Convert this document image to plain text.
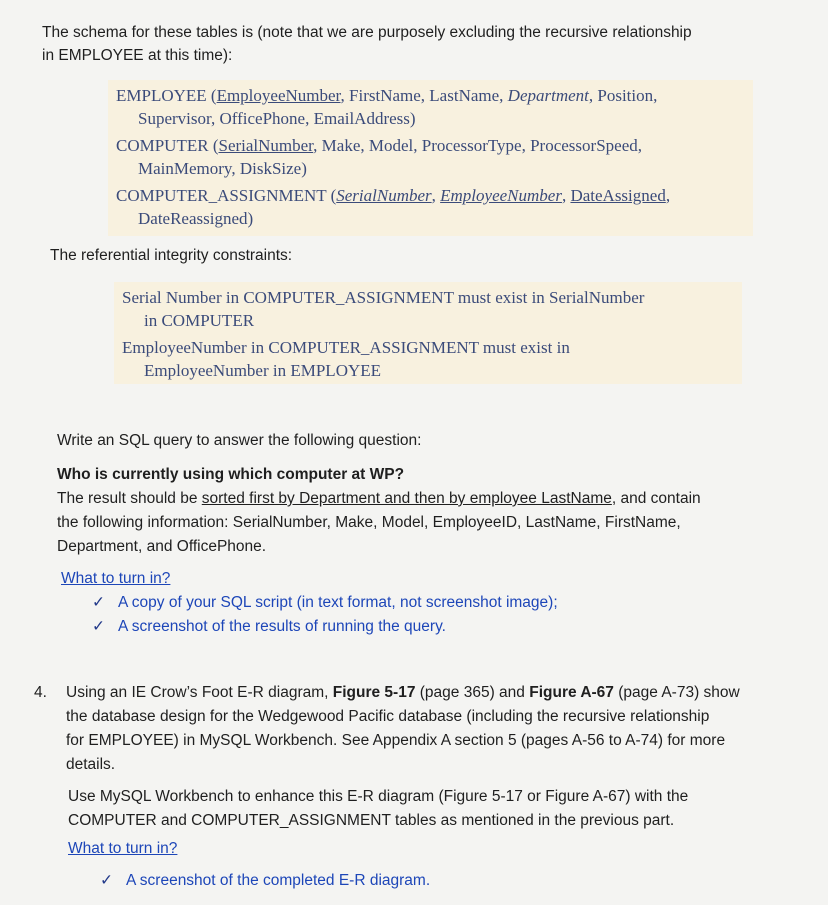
The schema for these tables is (note that we are purposely excluding the recursive relationship
in EMPLOYEE at this time):
EMPLOYEE (EmployeeNumber, FirstName, LastName, Department, Position,
Supervisor, OfficePhone, EmailAddress)
COMPUTER (SerialNumber, Make, Model, ProcessorType, ProcessorSpeed,
MainMemory, DiskSize)
COMPUTER_ASSIGNMENT (SerialNumber, EmployeeNumber, DateAssigned,
DateReassigned)
The referential integrity constraints:
Serial Number in COMPUTER_ASSIGNMENT must exist in SerialNumber
in COMPUTER
EmployeeNumber in COMPUTER_ASSIGNMENT must exist in
EmployeeNumber in EMPLOYEE
Write an SQL query to answer the following question:
Who is currently using which computer at WP?
The result should be sorted first by Department and then by employee LastName, and contain
the following information: SerialNumber, Make, Model, EmployeeID, LastName, FirstName,
Department, and OfficePhone.
What to turn in?
✓ A copy of your SQL script (in text format, not screenshot image);
✓ A screenshot of the results of running the query.
4. Using an IE Crow’s Foot E-R diagram, Figure 5-17 (page 365) and Figure A-67 (page A-73) show
the database design for the Wedgewood Pacific database (including the recursive relationship
for EMPLOYEE) in MySQL Workbench. See Appendix A section 5 (pages A-56 to A-74) for more
details.
Use MySQL Workbench to enhance this E-R diagram (Figure 5-17 or Figure A-67) with the
COMPUTER and COMPUTER_ASSIGNMENT tables as mentioned in the previous part.
What to turn in?
✓ A screenshot of the completed E-R diagram.
